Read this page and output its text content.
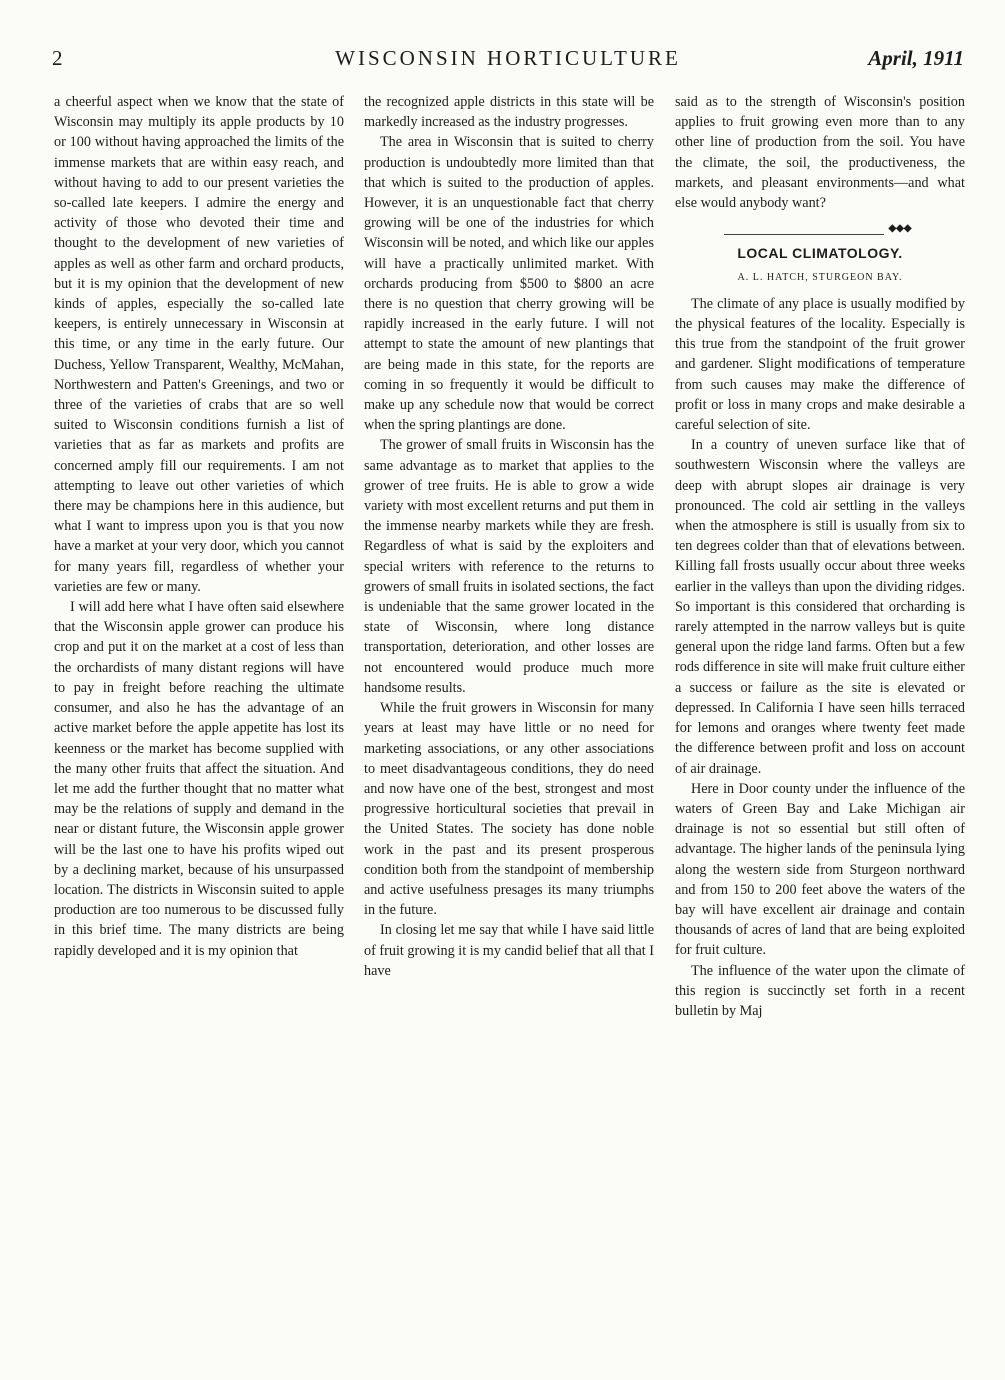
2	WISCONSIN HORTICULTURE	April, 1911

a cheerful aspect when we know that the state of Wisconsin may multiply its apple products by 10 or 100 without having approached the limits of the immense markets that are within easy reach, and without having to add to our present varieties the so-called late keepers. I admire the energy and activity of those who devoted their time and thought to the development of new varieties of apples as well as other farm and orchard products, but it is my opinion that the development of new kinds of apples, especially the so-called late keepers, is entirely unnecessary in Wisconsin at this time, or any time in the early future. Our Duchess, Yellow Transparent, Wealthy, McMahan, Northwestern and Patten's Greenings, and two or three of the varieties of crabs that are so well suited to Wisconsin conditions furnish a list of varieties that as far as markets and profits are concerned amply fill our requirements. I am not attempting to leave out other varieties of which there may be champions here in this audience, but what I want to impress upon you is that you now have a market at your very door, which you cannot for many years fill, regardless of whether your varieties are few or many.

I will add here what I have often said elsewhere that the Wisconsin apple grower can produce his crop and put it on the market at a cost of less than the orchardists of many distant regions will have to pay in freight before reaching the ultimate consumer, and also he has the advantage of an active market before the apple appetite has lost its keenness or the market has become supplied with the many other fruits that affect the situation. And let me add the further thought that no matter what may be the relations of supply and demand in the near or distant future, the Wisconsin apple grower will be the last one to have his profits wiped out by a declining market, because of his unsurpassed location. The districts in Wisconsin suited to apple production are too numerous to be discussed fully in this brief time. The many districts are being rapidly developed and it is my opinion that

the recognized apple districts in this state will be markedly increased as the industry progresses.

The area in Wisconsin that is suited to cherry production is undoubtedly more limited than that that which is suited to the production of apples. However, it is an unquestionable fact that cherry growing will be one of the industries for which Wisconsin will be noted, and which like our apples will have a practically unlimited market. With orchards producing from $500 to $800 an acre there is no question that cherry growing will be rapidly increased in the early future. I will not attempt to state the amount of new plantings that are being made in this state, for the reports are coming in so frequently it would be difficult to make up any schedule now that would be correct when the spring plantings are done.

The grower of small fruits in Wisconsin has the same advantage as to market that applies to the grower of tree fruits. He is able to grow a wide variety with most excellent returns and put them in the immense nearby markets while they are fresh. Regardless of what is said by the exploiters and special writers with reference to the returns to growers of small fruits in isolated sections, the fact is undeniable that the same grower located in the state of Wisconsin, where long distance transportation, deterioration, and other losses are not encountered would produce much more handsome results.

While the fruit growers in Wisconsin for many years at least may have little or no need for marketing associations, or any other associations to meet disadvantageous conditions, they do need and now have one of the best, strongest and most progressive horticultural societies that prevail in the United States. The society has done noble work in the past and its present prosperous condition both from the standpoint of membership and active usefulness presages its many triumphs in the future.

In closing let me say that while I have said little of fruit growing it is my candid belief that all that I have

said as to the strength of Wisconsin's position applies to fruit growing even more than to any other line of production from the soil. You have the climate, the soil, the productiveness, the markets, and pleasant environments—and what else would anybody want?

◆◆◆
LOCAL CLIMATOLOGY.
A. L. HATCH, STURGEON BAY.

The climate of any place is usually modified by the physical features of the locality. Especially is this true from the standpoint of the fruit grower and gardener. Slight modifications of temperature from such causes may make the difference of profit or loss in many crops and make desirable a careful selection of site.

In a country of uneven surface like that of southwestern Wisconsin where the valleys are deep with abrupt slopes air drainage is very pronounced. The cold air settling in the valleys when the atmosphere is still is usually from six to ten degrees colder than that of elevations between. Killing fall frosts usually occur about three weeks earlier in the valleys than upon the dividing ridges. So important is this considered that orcharding is rarely attempted in the narrow valleys but is quite general upon the ridge land farms. Often but a few rods difference in site will make fruit culture either a success or failure as the site is elevated or depressed. In California I have seen hills terraced for lemons and oranges where twenty feet made the difference between profit and loss on account of air drainage.

Here in Door county under the influence of the waters of Green Bay and Lake Michigan air drainage is not so essential but still often of advantage. The higher lands of the peninsula lying along the western side from Sturgeon northward and from 150 to 200 feet above the waters of the bay will have excellent air drainage and contain thousands of acres of land that are being exploited for fruit culture.

The influence of the water upon the climate of this region is succinctly set forth in a recent bulletin by Maj
